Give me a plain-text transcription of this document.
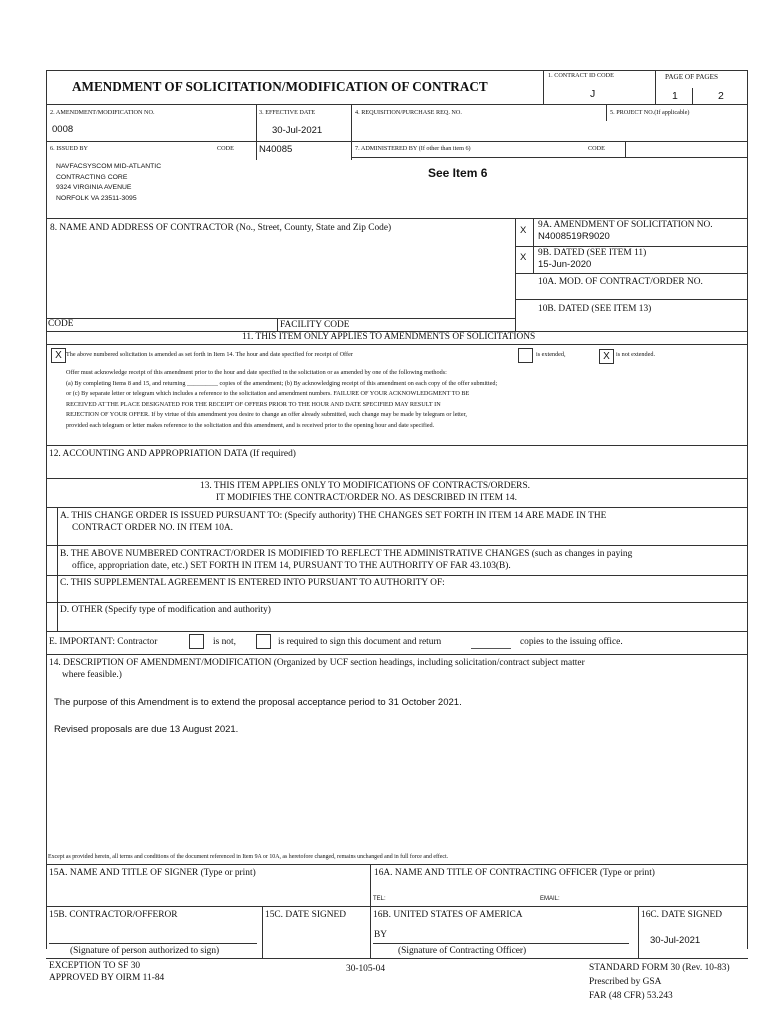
AMENDMENT OF SOLICITATION/MODIFICATION OF CONTRACT
1. CONTRACT ID CODE
J
PAGE OF PAGES
1	2
2. AMENDMENT/MODIFICATION NO.
0008
3. EFFECTIVE DATE
30-Jul-2021
4. REQUISITION/PURCHASE REQ. NO.	5. PROJECT NO.(If applicable)
6. ISSUED BY	CODE	N40085	7. ADMINISTERED BY (If other than item 6)	CODE
NAVFACSYSCOM MID-ATLANTIC
CONTRACTING CORE
9324 VIRGINIA AVENUE
NORFOLK VA 23511-3095
See Item 6
8. NAME AND ADDRESS OF CONTRACTOR (No., Street, County, State and Zip Code)	X 9A. AMENDMENT OF SOLICITATION NO.
N4008519R9020
X 9B. DATED (SEE ITEM 11)
15-Jun-2020
10A. MOD. OF CONTRACT/ORDER NO.
10B. DATED (SEE ITEM 13)
CODE	FACILITY CODE
11. THIS ITEM ONLY APPLIES TO AMENDMENTS OF SOLICITATIONS
X The above numbered solicitation is amended as set forth in Item 14. The hour and date specified for receipt of Offer	is extended,	X is not extended.
Offer must acknowledge receipt of this amendment prior to the hour and date specified in the solicitation or as amended by one of the following methods:
(a) By completing Items 8 and 15, and returning __________ copies of the amendment; (b) By acknowledging receipt of this amendment on each copy of the offer submitted;
or (c) By separate letter or telegram which includes a reference to the solicitation and amendment numbers. FAILURE OF YOUR ACKNOWLEDGMENT TO BE
RECEIVED AT THE PLACE DESIGNATED FOR THE RECEIPT OF OFFERS PRIOR TO THE HOUR AND DATE SPECIFIED MAY RESULT IN
REJECTION OF YOUR OFFER. If by virtue of this amendment you desire to change an offer already submitted, such change may be made by telegram or letter,
provided each telegram or letter makes reference to the solicitation and this amendment, and is received prior to the opening hour and date specified.
12. ACCOUNTING AND APPROPRIATION DATA (If required)
13. THIS ITEM APPLIES ONLY TO MODIFICATIONS OF CONTRACTS/ORDERS.
IT MODIFIES THE CONTRACT/ORDER NO. AS DESCRIBED IN ITEM 14.
A. THIS CHANGE ORDER IS ISSUED PURSUANT TO: (Specify authority) THE CHANGES SET FORTH IN ITEM 14 ARE MADE IN THE
CONTRACT ORDER NO. IN ITEM 10A.
B. THE ABOVE NUMBERED CONTRACT/ORDER IS MODIFIED TO REFLECT THE ADMINISTRATIVE CHANGES (such as changes in paying
office, appropriation date, etc.) SET FORTH IN ITEM 14, PURSUANT TO THE AUTHORITY OF FAR 43.103(B).
C. THIS SUPPLEMENTAL AGREEMENT IS ENTERED INTO PURSUANT TO AUTHORITY OF:
D. OTHER (Specify type of modification and authority)
E. IMPORTANT: Contractor	is not,	is required to sign this document and return	copies to the issuing office.
14. DESCRIPTION OF AMENDMENT/MODIFICATION (Organized by UCF section headings, including solicitation/contract subject matter
where feasible.)
The purpose of this Amendment is to extend the proposal acceptance period to 31 October 2021.
Revised proposals are due 13 August 2021.
Except as provided herein, all terms and conditions of the document referenced in Item 9A or 10A, as heretofore changed, remains unchanged and in full force and effect.
15A. NAME AND TITLE OF SIGNER (Type or print)	16A. NAME AND TITLE OF CONTRACTING OFFICER (Type or print)
TEL:	EMAIL:
15B. CONTRACTOR/OFFEROR	15C. DATE SIGNED	16B. UNITED STATES OF AMERICA	16C. DATE SIGNED
(Signature of person authorized to sign)
BY
(Signature of Contracting Officer)
30-Jul-2021
EXCEPTION TO SF 30
APPROVED BY OIRM 11-84
30-105-04	STANDARD FORM 30 (Rev. 10-83)
Prescribed by GSA
FAR (48 CFR) 53.243
